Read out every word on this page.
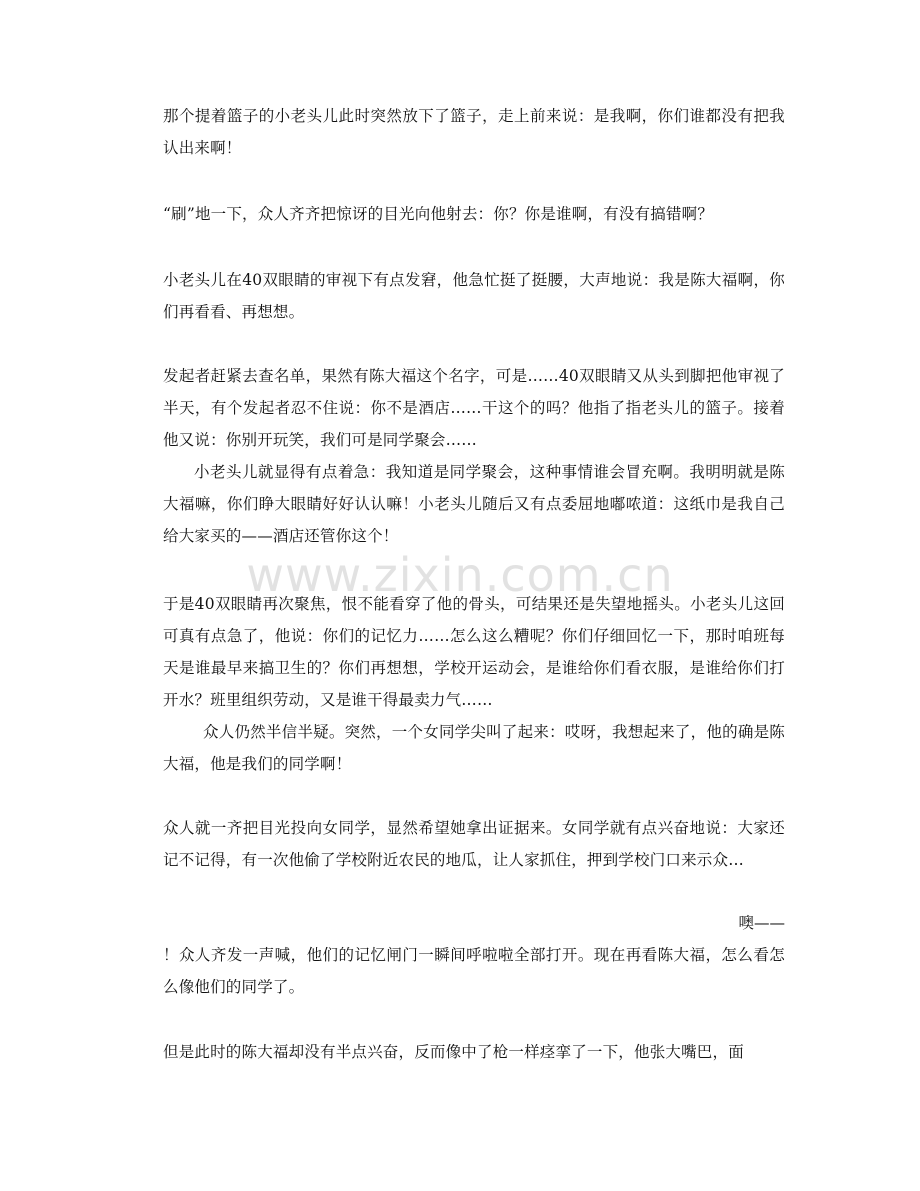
那个提着篮子的小老头儿此时突然放下了篮子，走上前来说：是我啊，你们谁都没有把我认出来啊！

“刷”地一下，众人齐齐把惊讶的目光向他射去：你？你是谁啊，有没有搞错啊？

小老头儿在40双眼睛的审视下有点发窘，他急忙挺了挺腰，大声地说：我是陈大福啊，你们再看看、再想想。

发起者赶紧去查名单，果然有陈大福这个名字，可是……40双眼睛又从头到脚把他审视了半天，有个发起者忍不住说：你不是酒店……干这个的吗？他指了指老头儿的篮子。接着他又说：你别开玩笑，我们可是同学聚会……

小老头儿就显得有点着急：我知道是同学聚会，这种事情谁会冒充啊。我明明就是陈大福嘛，你们睁大眼睛好好认认嘛！小老头儿随后又有点委屈地嘟哝道：这纸巾是我自己给大家买的——酒店还管你这个！

于是40双眼睛再次聚焦，恨不能看穿了他的骨头，可结果还是失望地摇头。小老头儿这回可真有点急了，他说：你们的记忆力……怎么这么糟呢？你们仔细回忆一下，那时咱班每天是谁最早来搞卫生的？你们再想想，学校开运动会，是谁给你们看衣服，是谁给你们打开水？班里组织劳动，又是谁干得最卖力气……

众人仍然半信半疑。突然，一个女同学尖叫了起来：哎呀，我想起来了，他的确是陈大福，他是我们的同学啊！

众人就一齐把目光投向女同学，显然希望她拿出证据来。女同学就有点兴奋地说：大家还记不记得，有一次他偷了学校附近农民的地瓜，让人家抓住，押到学校门口来示众…

噢——

！众人齐发一声喊，他们的记忆闸门一瞬间呼啦啦全部打开。现在再看陈大福，怎么看怎么像他们的同学了。

但是此时的陈大福却没有半点兴奋，反而像中了枪一样痉挛了一下，他张大嘴巴，面

www.zixin.com.cn
